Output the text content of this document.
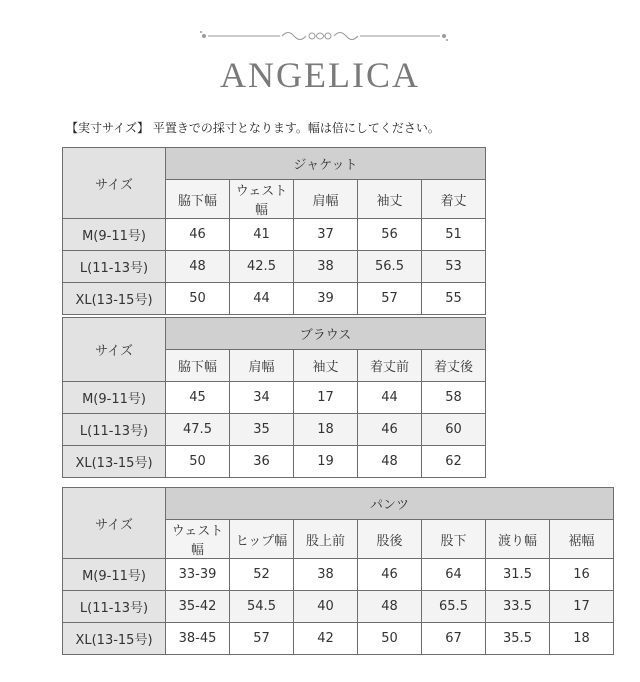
ANGELICA
【実寸サイズ】 平置きでの採寸となります。幅は倍にしてください。
サイズ	ジャケット				
	脇下幅	ウェスト幅	肩幅	袖丈	着丈
M(9-11号)	46	41	37	56	51
L(11-13号)	48	42.5	38	56.5	53
XL(13-15号)	50	44	39	57	55
サイズ	ブラウス				
	脇下幅	肩幅	袖丈	着丈前	着丈後
M(9-11号)	45	34	17	44	58
L(11-13号)	47.5	35	18	46	60
XL(13-15号)	50	36	19	48	62
サイズ	パンツ						
	ウェスト幅	ヒップ幅	股上前	股後	股下	渡り幅	裾幅
M(9-11号)	33-39	52	38	46	64	31.5	16
L(11-13号)	35-42	54.5	40	48	65.5	33.5	17
XL(13-15号)	38-45	57	42	50	67	35.5	18
